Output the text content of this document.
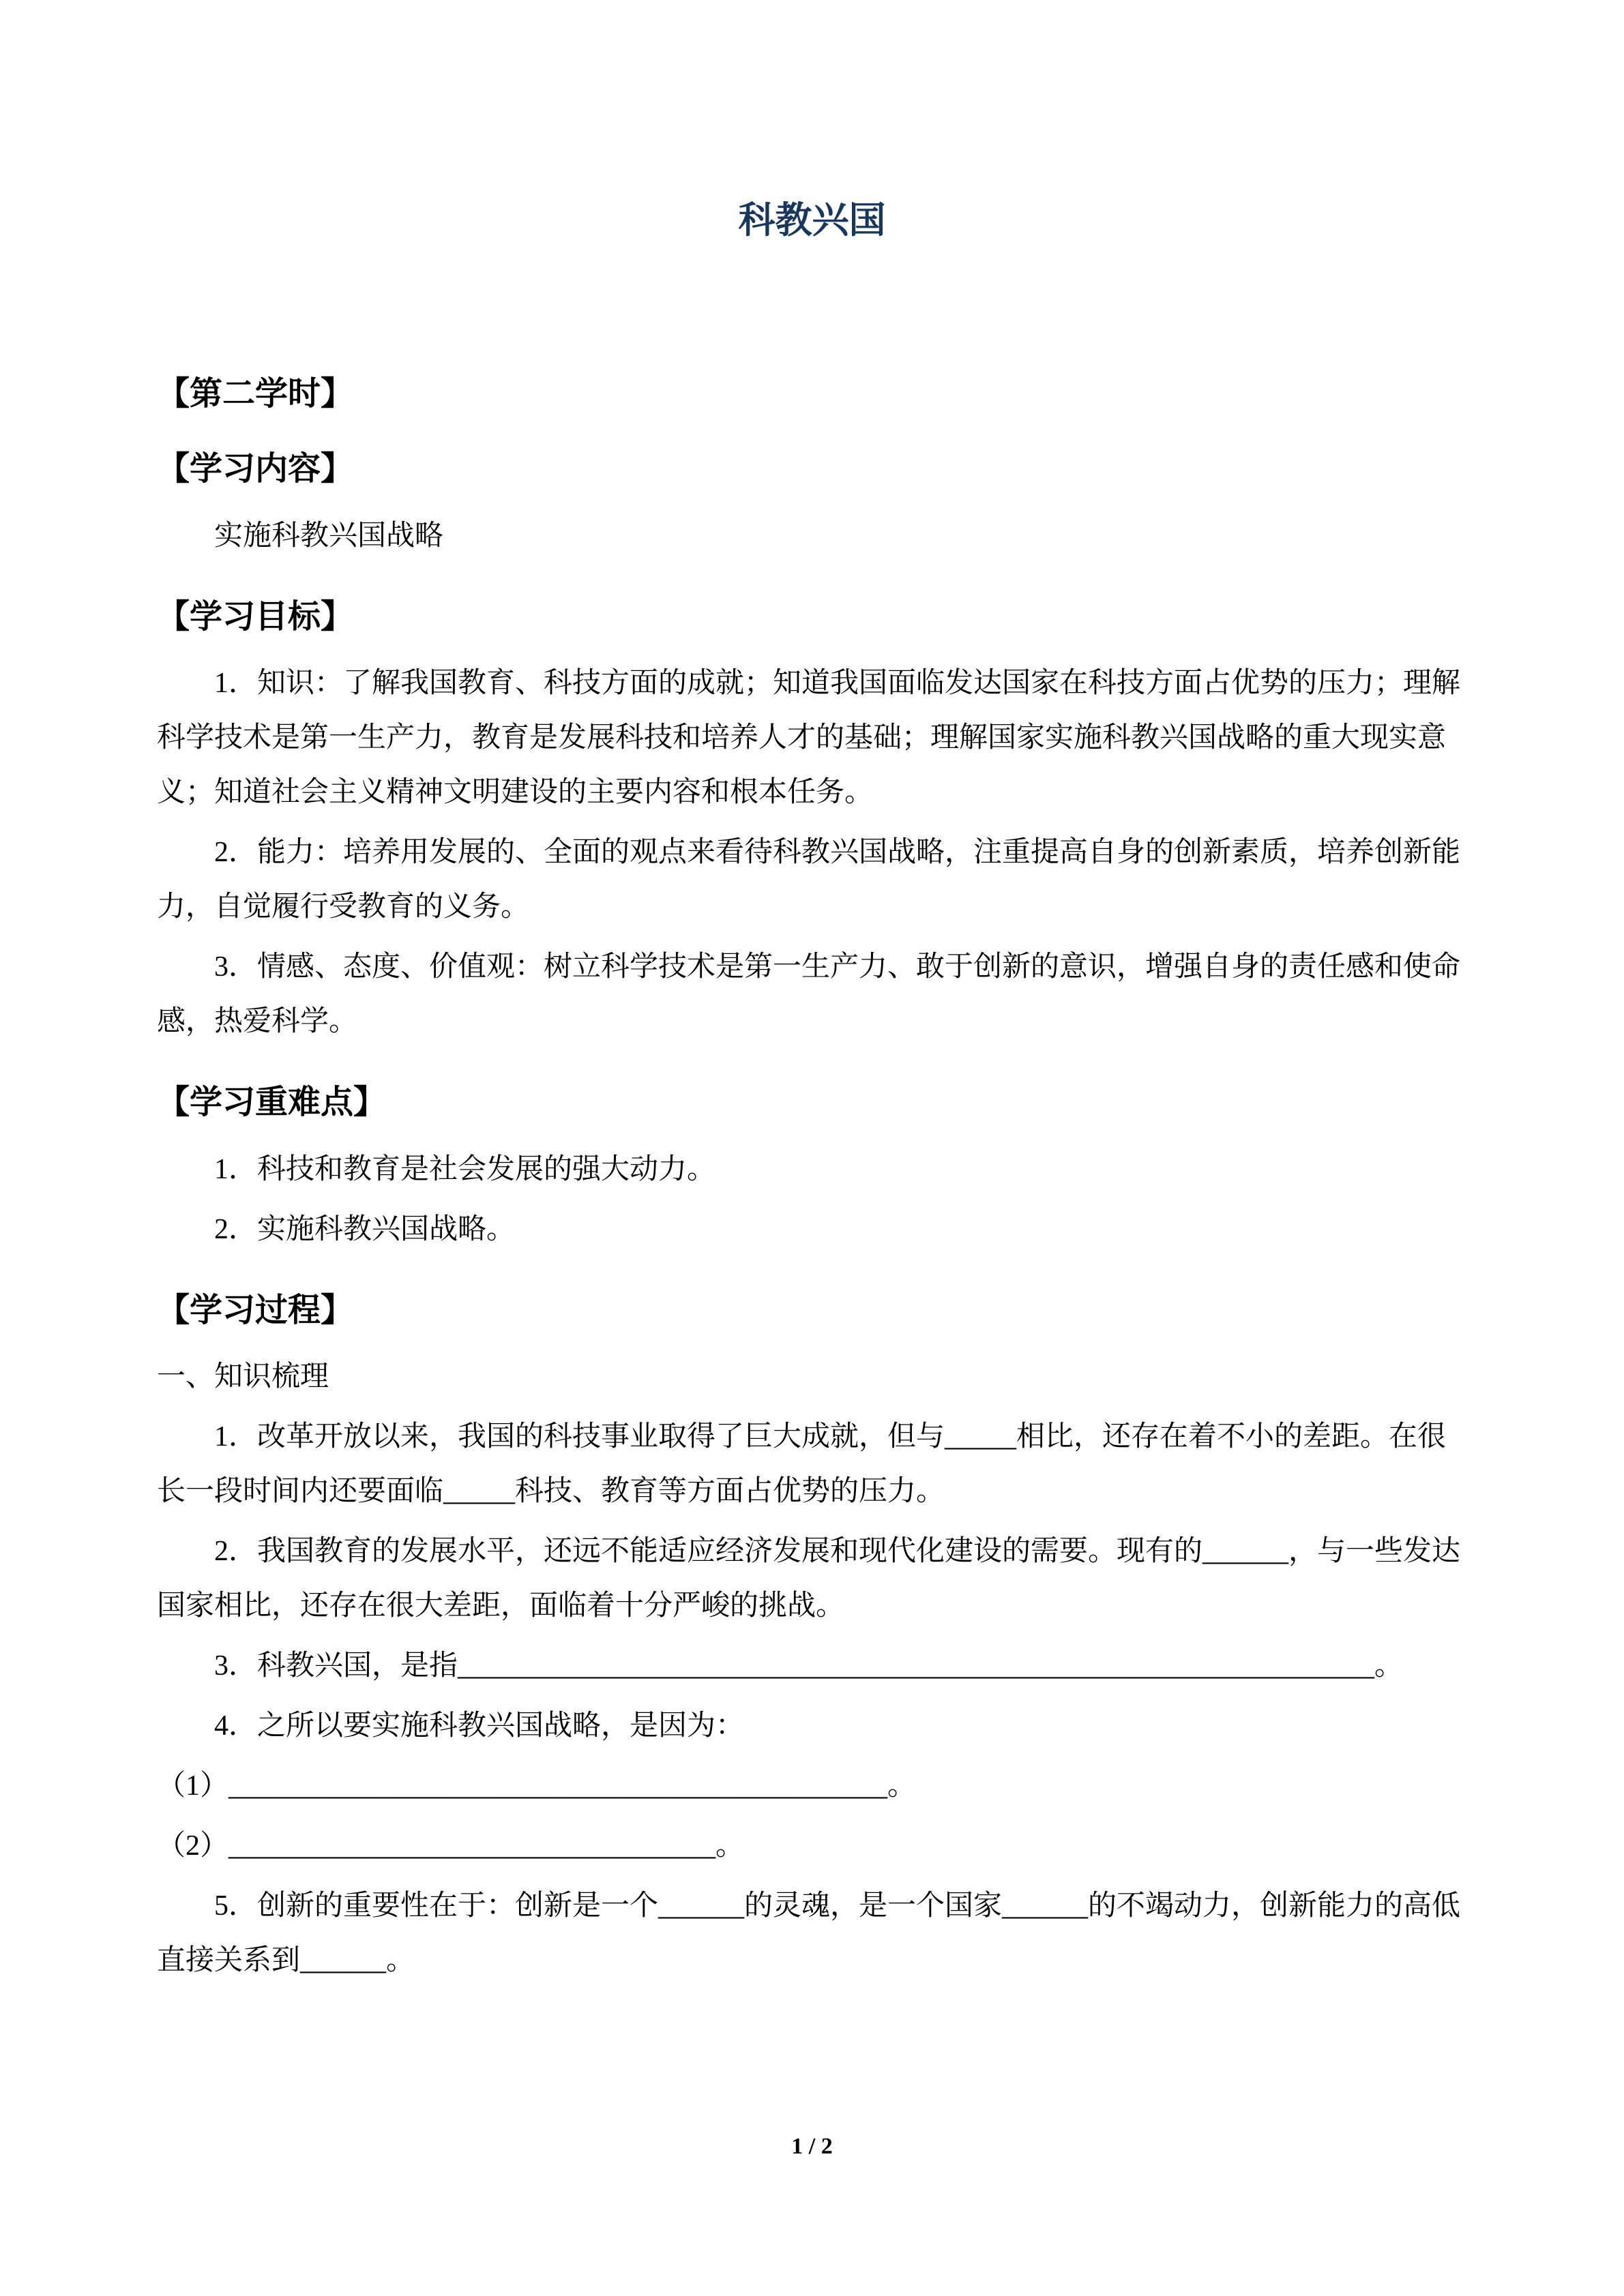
科教兴国
【第二学时】
【学习内容】

实施科教兴国战略

【学习目标】

1．知识：了解我国教育、科技方面的成就；知道我国面临发达国家在科技方面占优势的压力；理解科学技术是第一生产力，教育是发展科技和培养人才的基础；理解国家实施科教兴国战略的重大现实意义；知道社会主义精神文明建设的主要内容和根本任务。

2．能力：培养用发展的、全面的观点来看待科教兴国战略，注重提高自身的创新素质，培养创新能力，自觉履行受教育的义务。

3．情感、态度、价值观：树立科学技术是第一生产力、敢于创新的意识，增强自身的责任感和使命感，热爱科学。

【学习重难点】

1．科技和教育是社会发展的强大动力。

2．实施科教兴国战略。

【学习过程】

一、知识梳理

1．改革开放以来，我国的科技事业取得了巨大成就，但与_____相比，还存在着不小的差距。在很长一段时间内还要面临_____科技、教育等方面占优势的压力。

2．我国教育的发展水平，还远不能适应经济发展和现代化建设的需要。现有的______，与一些发达国家相比，还存在很大差距，面临着十分严峻的挑战。

3．科教兴国，是指________________________________________________________________。

4．之所以要实施科教兴国战略，是因为：

（1）______________________________________________。

（2）__________________________________。

5．创新的重要性在于：创新是一个______的灵魂，是一个国家______的不竭动力，创新能力的高低直接关系到______。

1 / 2
